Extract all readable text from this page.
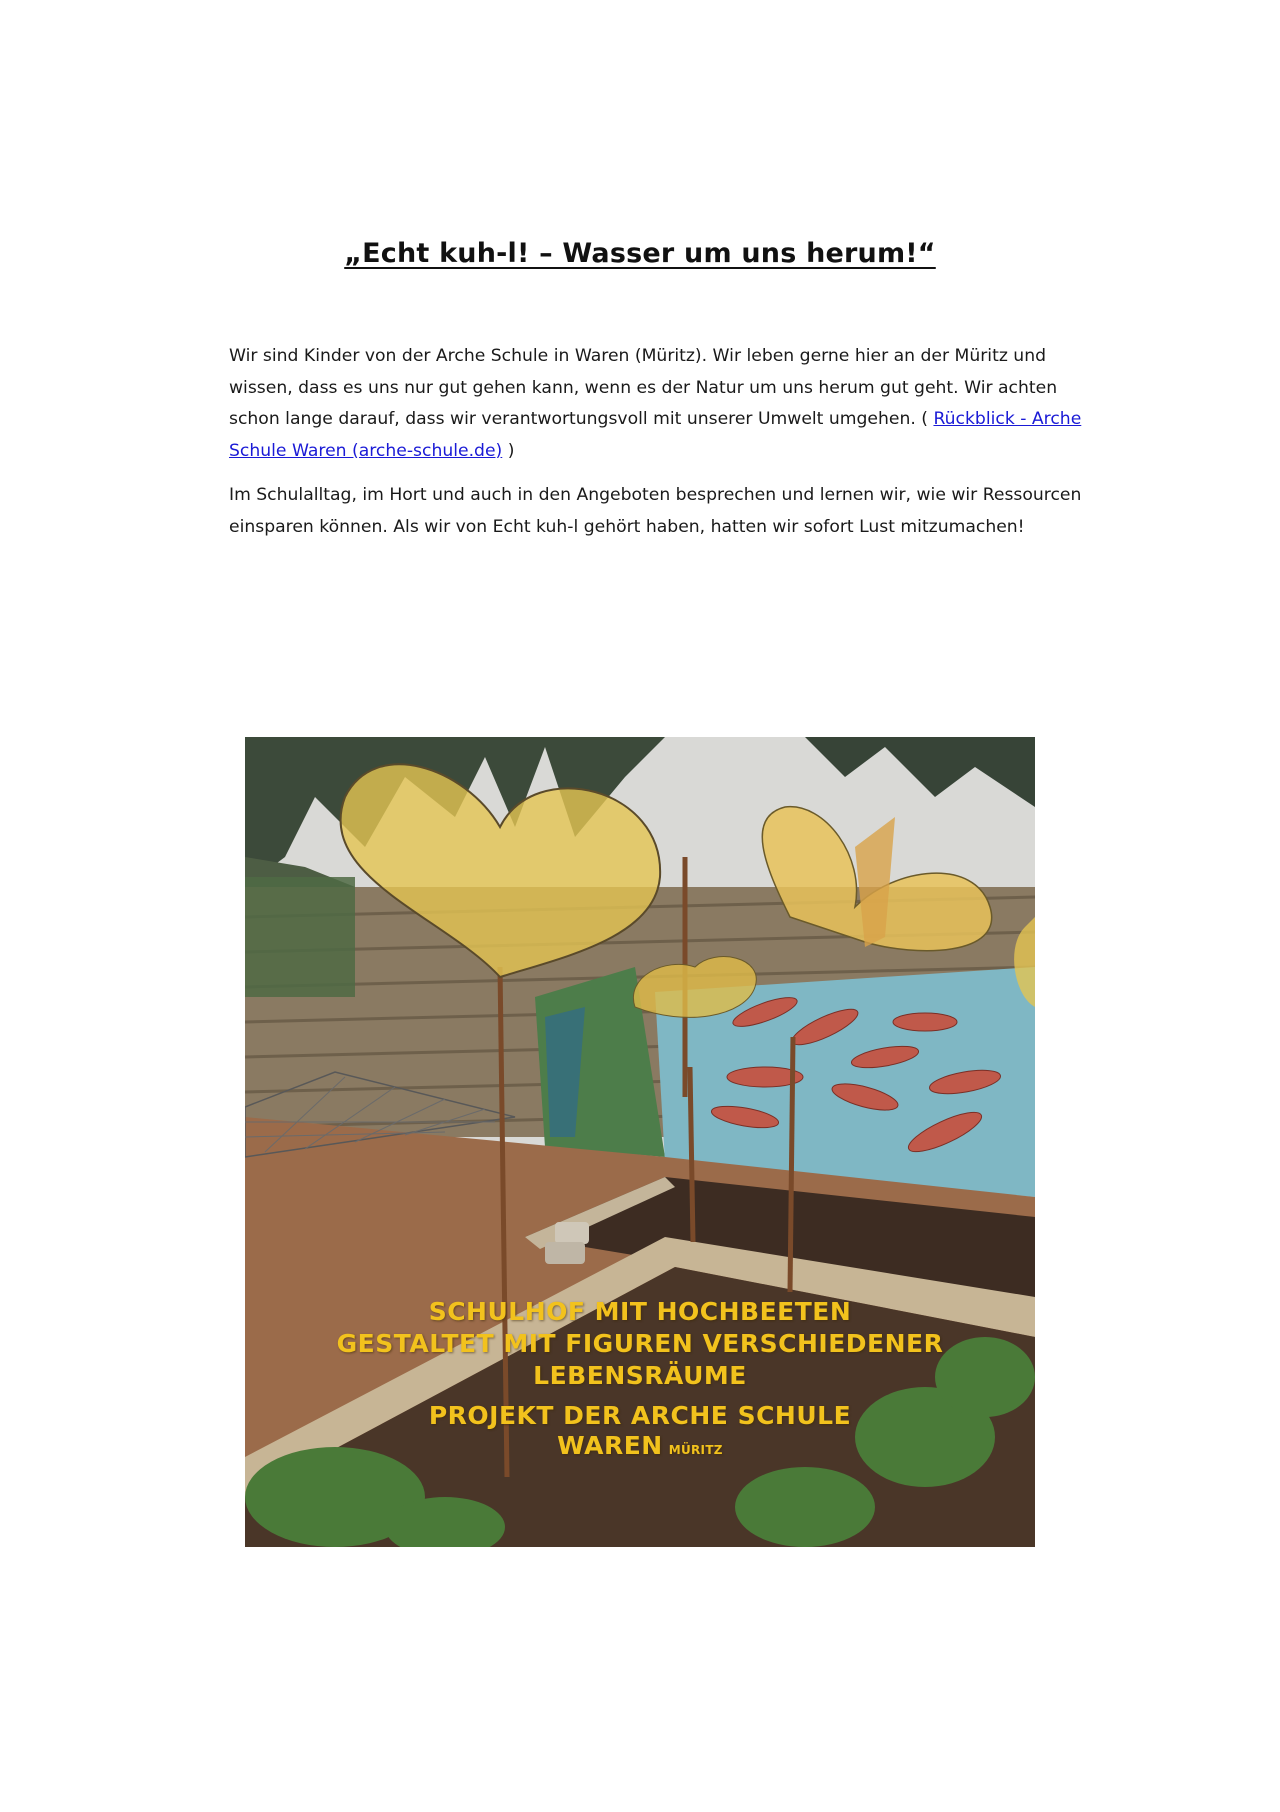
„Echt kuh-l! – Wasser um uns herum!“

Wir sind Kinder von der Arche Schule in Waren (Müritz). Wir leben gerne hier an der Müritz und wissen, dass es uns nur gut gehen kann, wenn es der Natur um uns herum gut geht. Wir achten schon lange darauf, dass wir verantwortungsvoll mit unserer Umwelt umgehen. ( Rückblick - Arche Schule Waren (arche-schule.de) )

Im Schulalltag, im Hort und auch in den Angeboten besprechen und lernen wir, wie wir Ressourcen einsparen können. Als wir von Echt kuh-l gehört haben, hatten wir sofort Lust mitzumachen!

SCHULHOF MIT HOCHBEETEN
GESTALTET MIT FIGUREN VERSCHIEDENER
LEBENSRÄUME
PROJEKT DER ARCHE SCHULE
WAREN MÜRITZ
